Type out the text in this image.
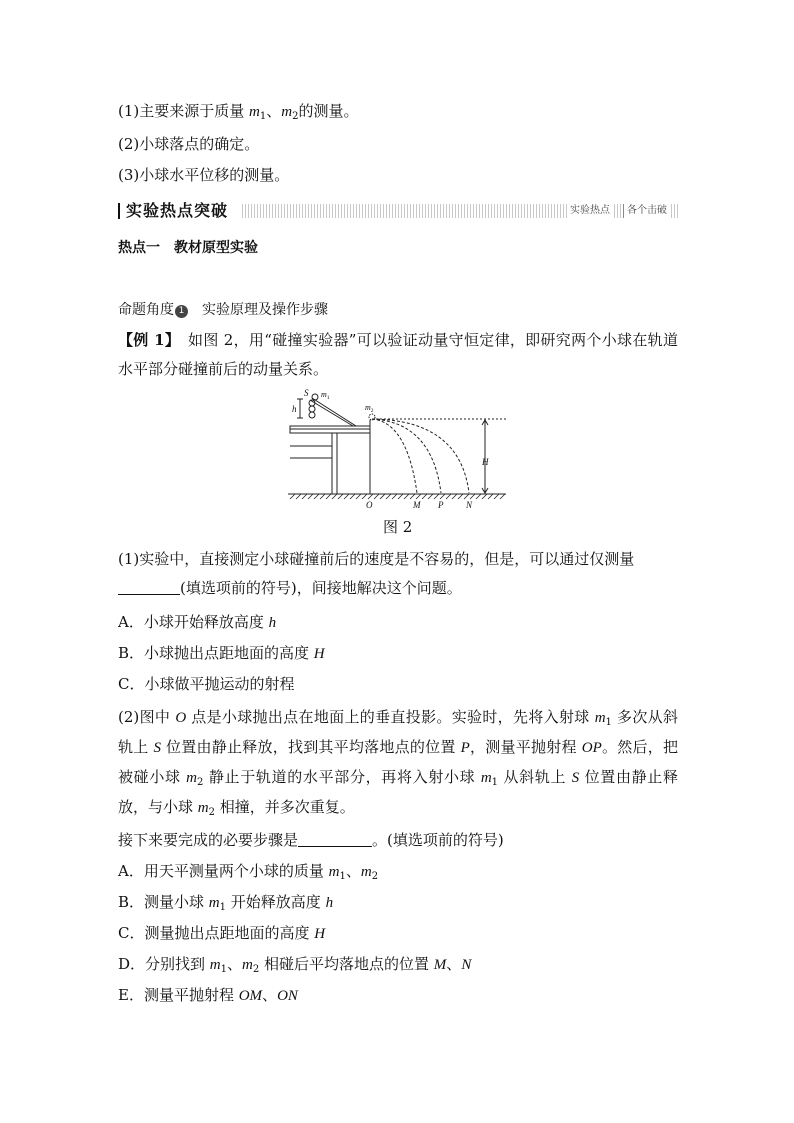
(1)主要来源于质量 $m_1$、$m_2$的测量。
(2)小球落点的确定。
(3)小球水平位移的测量。
实验热点突破	实验热点	各个击破
热点一　教材原型实验
命题角度 1　实验原理及操作步骤
【例 1】　如图 2，用“碰撞实验器”可以验证动量守恒定律，即研究两个小球在轨道水平部分碰撞前后的动量关系。
S
h
$m_1$
$m_2$
H
O	M P	N
图 2
(1)实验中，直接测定小球碰撞前后的速度是不容易的，但是，可以通过仅测量
(填选项前的符号)，间接地解决这个问题。
A．小球开始释放高度 h
B．小球抛出点距地面的高度 H
C．小球做平抛运动的射程
(2)图中 O 点是小球抛出点在地面上的垂直投影。实验时，先将入射球 $m_1$ 多次从斜轨上 S 位置由静止释放，找到其平均落地点的位置 P，测量平抛射程 OP。然后，把被碰小球 $m_2$ 静止于轨道的水平部分，再将入射小球 $m_1$ 从斜轨上 S 位置由静止释放，与小球 $m_2$ 相撞，并多次重复。
接下来要完成的必要步骤是	。(填选项前的符号)
A．用天平测量两个小球的质量 $m_1$、$m_2$
B．测量小球 $m_1$ 开始释放高度 h
C．测量抛出点距地面的高度 H
D．分别找到 $m_1$、$m_2$ 相碰后平均落地点的位置 M、N
E．测量平抛射程 OM、ON
